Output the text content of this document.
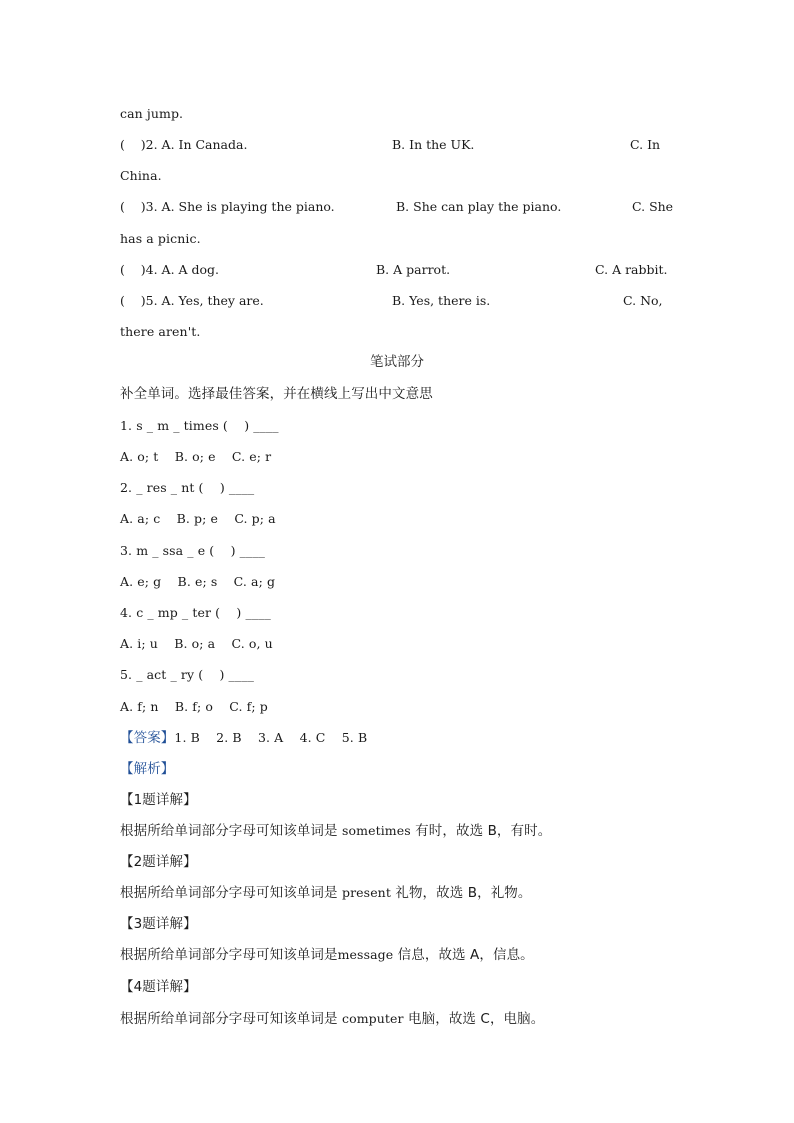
can jump.

(    )2. A. In Canada.

	B. In the UK.

	C. In

China.

(    )3. A. She is playing the piano.

	B. She can play the piano.

	C. She

has a picnic.

(    )4. A. A dog.

	B. A parrot.

	C. A rabbit.

(    )5. A. Yes, they are.

	B. Yes, there is.

	C. No,

there aren't.
笔试部分
补全单词。选择最佳答案，并在横线上写出中文意思
1. s _ m _ times (    ) ____
A. o; t    B. o; e    C. e; r
2. _ res _ nt (    ) ____
A. a; c    B. p; e    C. p; a
3. m _ ssa _ e (    ) ____
A. e; g    B. e; s    C. a; g
4. c _ mp _ ter (    ) ____
A. i; u    B. o; a    C. o, u
5. _ act _ ry (    ) ____
A. f; n    B. f; o    C. f; p
【答案】1. B    2. B    3. A    4. C    5. B
【解析】
【1题详解】
根据所给单词部分字母可知该单词是 sometimes 有时，故选 B，有时。
【2题详解】
根据所给单词部分字母可知该单词是 present 礼物，故选 B，礼物。
【3题详解】
根据所给单词部分字母可知该单词是message 信息，故选 A，信息。
【4题详解】
根据所给单词部分字母可知该单词是 computer 电脑，故选 C，电脑。
